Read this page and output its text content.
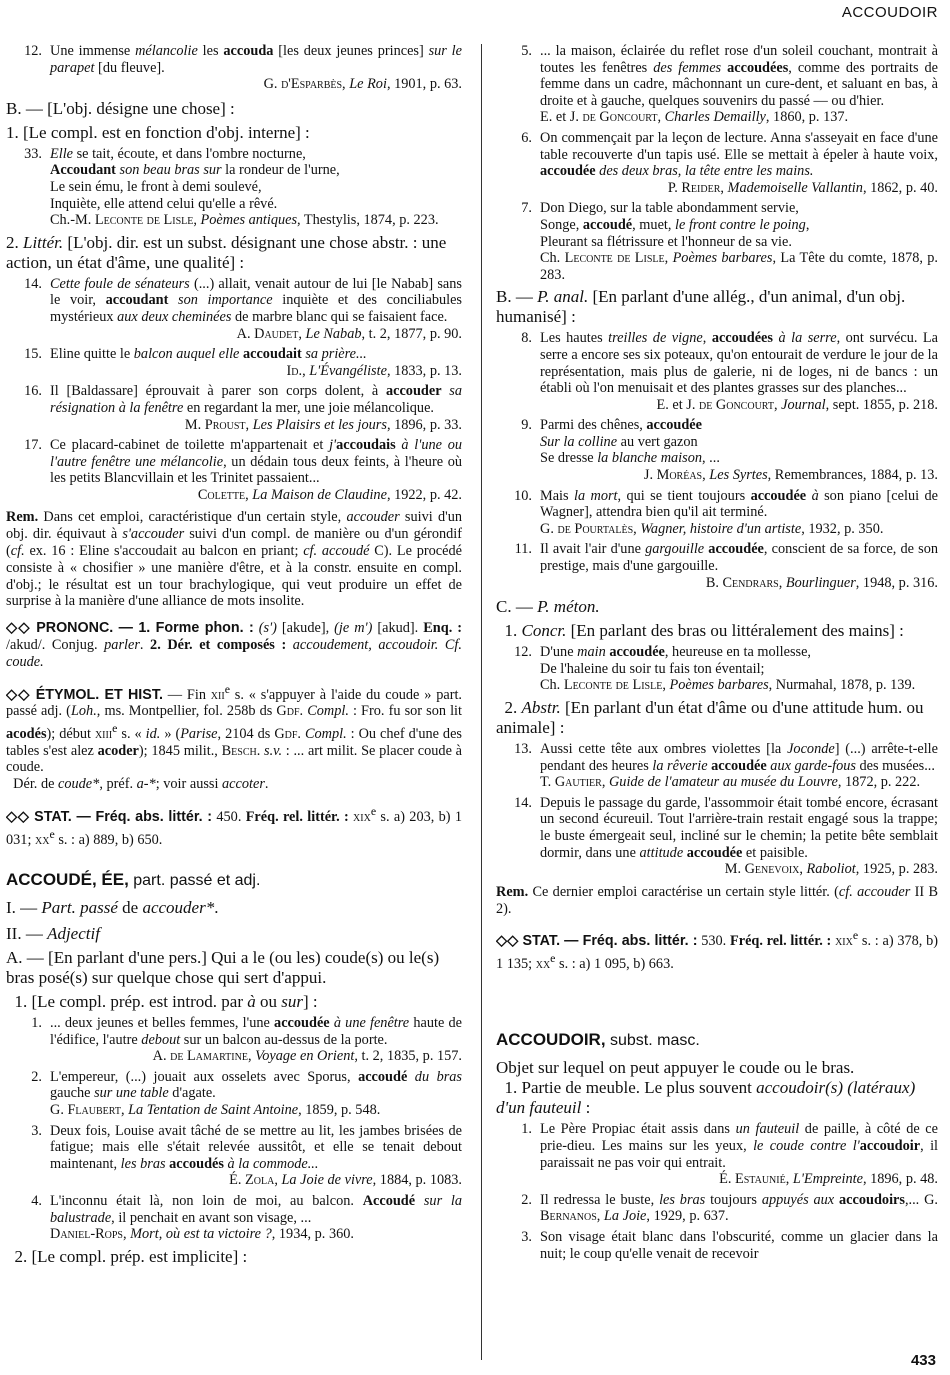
ACCOUDOIR
12. Une immense mélancolie les accouda [les deux jeunes princes] sur le parapet [du fleuve].
G. d'Esparbès, Le Roi, 1901, p. 63.
B. — [L'obj. désigne une chose] :
1. [Le compl. est en fonction d'obj. interne] :
33. Elle se tait, écoute, et dans l'ombre nocturne,
Accoudant son beau bras sur la rondeur de l'urne,
Le sein ému, le front à demi soulevé,
Inquiète, elle attend celui qu'elle a rêvé.
Ch.-M. Leconte de Lisle, Poèmes antiques, Thestylis, 1874, p. 223.
2. Littér. [L'obj. dir. est un subst. désignant une chose abstr. : une action, un état d'âme, une qualité] :
14. Cette foule de sénateurs (...) allait, venait autour de lui [le Nabab] sans le voir, accoudant son importance inquiète et des conciliabules mystérieux aux deux cheminées de marbre blanc qui se faisaient face.
A. Daudet, Le Nabab, t. 2, 1877, p. 90.
15. Eline quitte le balcon auquel elle accoudait sa prière...
Id., L'Évangéliste, 1833, p. 13.
16. Il [Baldassare] éprouvait à parer son corps dolent, à accouder sa résignation à la fenêtre en regardant la mer, une joie mélancolique.
M. Proust, Les Plaisirs et les jours, 1896, p. 33.
17. Ce placard-cabinet de toilette m'appartenait et j'accoudais à l'une ou l'autre fenêtre une mélancolie, un dédain tous deux feints, à l'heure où les petits Blancvillain et les Trinitet passaient...
Colette, La Maison de Claudine, 1922, p. 42.
Rem. Dans cet emploi, caractéristique d'un certain style, accouder suivi d'un obj. dir. équivaut à s'accouder suivi d'un compl. de manière ou d'un gérondif (cf. ex. 16 : Eline s'accoudait au balcon en priant; cf. accoudé C). Le procédé consiste à « chosifier » une manière d'être, et à la constr. ensuite en compl. d'obj.; le résultat est un tour brachylogique, qui veut produire un effet de surprise à la manière d'une alliance de mots insolite.
◇◇ PRONONC. — 1. Forme phon. : (s') [akude], (je m') [akud]. Enq. : /akud/. Conjug. parler. 2. Dér. et composés : accoudement, accoudoir. Cf. coude.
◇◇ ÉTYMOL. ET HIST. — Fin xii$^e$ s. « s'appuyer à l'aide du coude » part. passé adj. (Loh., ms. Montpellier, fol. 258b ds Gdf. Compl. : Fro. fu sor son lit acodés); début xiii$^e$ s. « id. » (Parise, 2104 ds Gdf. Compl. : Ou chef d'une des tables s'est alez acoder); 1845 milit., Besch. s.v. : ... art milit. Se placer coude à coude.
Dér. de coude*, préf. a-*; voir aussi accoter.
◇◇ STAT. — Fréq. abs. littér. : 450. Fréq. rel. littér. : xix$^e$ s. a) 203, b) 1 031; $xx^e$ s. : a) 889, b) 650.
ACCOUDÉ, ÉE, part. passé et adj.
I. — Part. passé de accouder*.
II. — Adjectif
A. — [En parlant d'une pers.] Qui a le (ou les) coude(s) ou le(s) bras posé(s) sur quelque chose qui sert d'appui.
1. [Le compl. prép. est introd. par à ou sur] :
1. ... deux jeunes et belles femmes, l'une accoudée à une fenêtre haute de l'édifice, l'autre debout sur un balcon au-dessus de la porte.
A. de Lamartine, Voyage en Orient, t. 2, 1835, p. 157.
2. L'empereur, (...) jouait aux osselets avec Sporus, accoudé du bras gauche sur une table d'agate.
G. Flaubert, La Tentation de Saint Antoine, 1859, p. 548.
3. Deux fois, Louise avait tâché de se mettre au lit, les jambes brisées de fatigue; mais elle s'était relevée aussitôt, et elle se tenait debout maintenant, les bras accoudés à la commode...
É. Zola, La Joie de vivre, 1884, p. 1083.
4. L'inconnu était là, non loin de moi, au balcon. Accoudé sur la balustrade, il penchait en avant son visage, ...
Daniel-Rops, Mort, où est ta victoire ?, 1934, p. 360.
2. [Le compl. prép. est implicite] :
5. ... la maison, éclairée du reflet rose d'un soleil couchant, montrait à toutes les fenêtres des femmes accoudées, comme des portraits de femme dans un cadre, mâchonnant un cure-dent, et saluant en bas, à droite et à gauche, quelques souvenirs du passé — ou d'hier.
E. et J. de Goncourt, Charles Demailly, 1860, p. 137.
6. On commençait par la leçon de lecture. Anna s'asseyait en face d'une table recouverte d'un tapis usé. Elle se mettait à épeler à haute voix, accoudée des deux bras, la tête entre les mains.
P. Reider, Mademoiselle Vallantin, 1862, p. 40.
7. Don Diego, sur la table abondamment servie,
Songe, accoudé, muet, le front contre le poing,
Pleurant sa flétrissure et l'honneur de sa vie.
Ch. Leconte de Lisle, Poèmes barbares, La Tête du comte, 1878, p. 283.
B. — P. anal. [En parlant d'une allég., d'un animal, d'un obj. humanisé] :
8. Les hautes treilles de vigne, accoudées à la serre, ont survécu. La serre a encore ses six poteaux, qu'on entourait de verdure le jour de la représentation, mais plus de galerie, ni de loges, ni de bancs : un établi où l'on menuisait et des plantes grasses sur des planches...
E. et J. de Goncourt, Journal, sept. 1855, p. 218.
9. Parmi des chênes, accoudée
Sur la colline au vert gazon
Se dresse la blanche maison, ...
J. Moréas, Les Syrtes, Remembrances, 1884, p. 13.
10. Mais la mort, qui se tient toujours accoudée à son piano [celui de Wagner], attendra bien qu'il ait terminé.
G. de Pourtalès, Wagner, histoire d'un artiste, 1932, p. 350.
11. Il avait l'air d'une gargouille accoudée, conscient de sa force, de son prestige, mais d'une gargouille.
B. Cendrars, Bourlinguer, 1948, p. 316.
C. — P. méton.
1. Concr. [En parlant des bras ou littéralement des mains] :
12. D'une main accoudée, heureuse en ta mollesse,
De l'haleine du soir tu fais ton éventail;
Ch. Leconte de Lisle, Poèmes barbares, Nurmahal, 1878, p. 139.
2. Abstr. [En parlant d'un état d'âme ou d'une attitude hum. ou animale] :
13. Aussi cette tête aux ombres violettes [la Joconde] (...) arrête-t-elle pendant des heures la rêverie accoudée aux garde-fous des musées...
T. Gautier, Guide de l'amateur au musée du Louvre, 1872, p. 222.
14. Depuis le passage du garde, l'assommoir était tombé encore, écrasant un second écureuil. Tout l'arrière-train restait engagé sous la trappe; le buste émergeait seul, incliné sur le chemin; la petite bête semblait dormir, dans une attitude accoudée et paisible.
M. Genevoix, Raboliot, 1925, p. 283.
Rem. Ce dernier emploi caractérise un certain style littér. (cf. accouder II B 2).
◇◇ STAT. — Fréq. abs. littér. : 530. Fréq. rel. littér. : xix$^e$ s. : a) 378, b) 1 135; $xx^e$ s. : a) 1 095, b) 663.

ACCOUDOIR, subst. masc.
Objet sur lequel on peut appuyer le coude ou le bras.
1. Partie de meuble. Le plus souvent accoudoir(s) (latéraux) d'un fauteuil :
1. Le Père Propiac était assis dans un fauteuil de paille, à côté de ce prie-dieu. Les mains sur les yeux, le coude contre l'accoudoir, il paraissait ne pas voir qui entrait.
É. Estaunié, L'Empreinte, 1896, p. 48.
2. Il redressa le buste, les bras toujours appuyés aux accoudoirs,... G. Bernanos, La Joie, 1929, p. 637.
3. Son visage était blanc dans l'obscurité, comme un glacier dans la nuit; le coup qu'elle venait de recevoir
433
